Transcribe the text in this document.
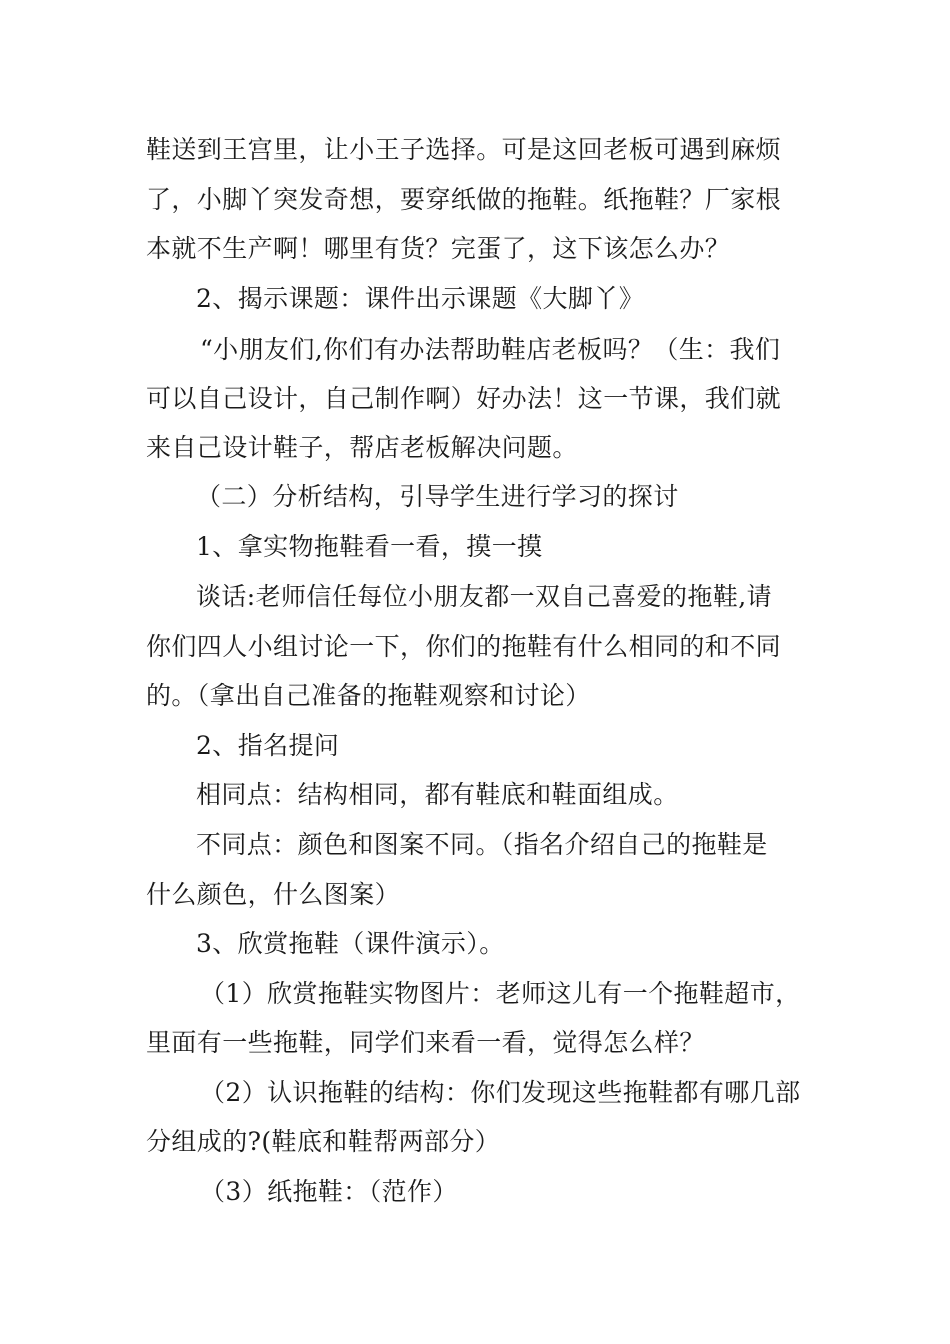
鞋送到王宫里，让小王子选择。可是这回老板可遇到麻烦
了，小脚丫突发奇想，要穿纸做的拖鞋。纸拖鞋？厂家根
本就不生产啊！哪里有货？完蛋了，这下该怎么办？
2、揭示课题：课件出示课题《大脚丫》
“小朋友们,你们有办法帮助鞋店老板吗？（生：我们
可以自己设计，自己制作啊）好办法！这一节课，我们就
来自己设计鞋子，帮店老板解决问题。
（二）分析结构，引导学生进行学习的探讨
1、拿实物拖鞋看一看，摸一摸
谈话:老师信任每位小朋友都一双自己喜爱的拖鞋,请
你们四人小组讨论一下，你们的拖鞋有什么相同的和不同
的。（拿出自己准备的拖鞋观察和讨论）
2、指名提问
相同点：结构相同，都有鞋底和鞋面组成。
不同点：颜色和图案不同。（指名介绍自己的拖鞋是
什么颜色，什么图案）
3、欣赏拖鞋（课件演示）。
（1）欣赏拖鞋实物图片：老师这儿有一个拖鞋超市，
里面有一些拖鞋，同学们来看一看，觉得怎么样？
（2）认识拖鞋的结构：你们发现这些拖鞋都有哪几部
分组成的?(鞋底和鞋帮两部分）
（3）纸拖鞋：（范作）
